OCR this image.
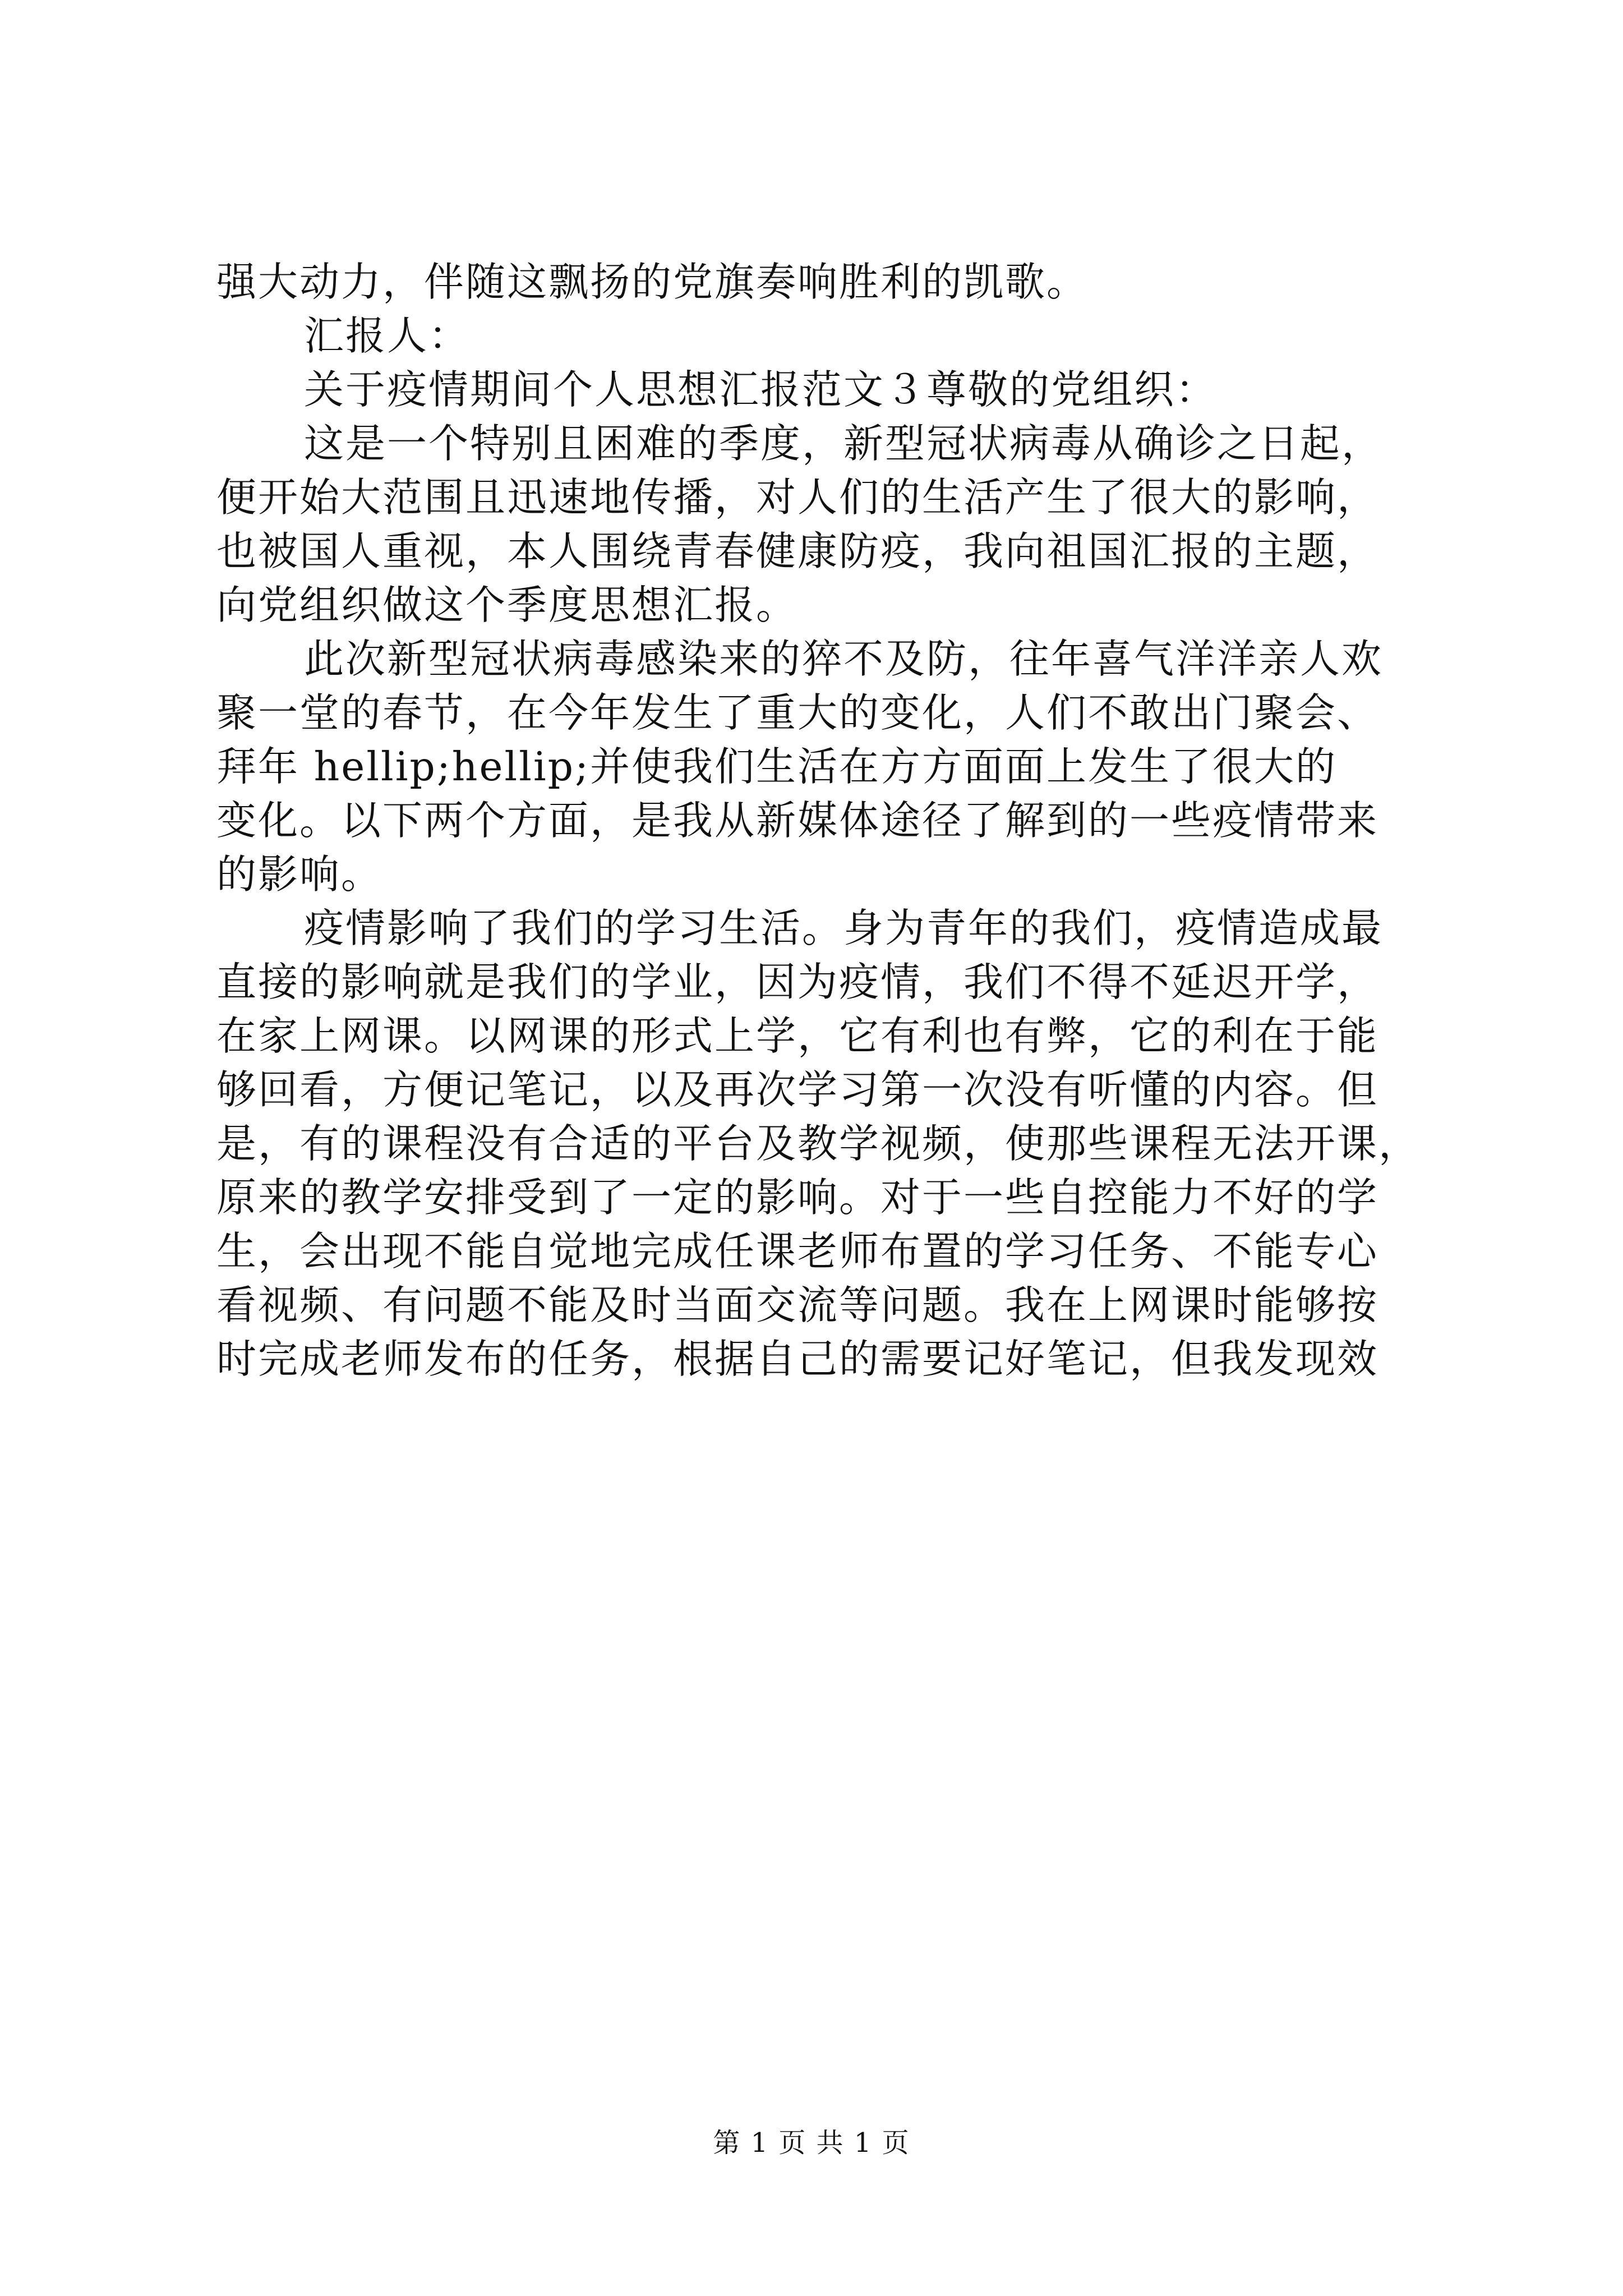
强大动力，伴随这飘扬的党旗奏响胜利的凯歌。
汇报人：
关于疫情期间个人思想汇报范文３尊敬的党组织：
这是一个特别且困难的季度，新型冠状病毒从确诊之日起，
便开始大范围且迅速地传播，对人们的生活产生了很大的影响，
也被国人重视，本人围绕青春健康防疫，我向祖国汇报的主题，
向党组织做这个季度思想汇报。
此次新型冠状病毒感染来的猝不及防，往年喜气洋洋亲人欢
聚一堂的春节，在今年发生了重大的变化，人们不敢出门聚会、
拜年 hellip;hellip;并使我们生活在方方面面上发生了很大的
变化。以下两个方面，是我从新媒体途径了解到的一些疫情带来
的影响。
疫情影响了我们的学习生活。身为青年的我们，疫情造成最
直接的影响就是我们的学业，因为疫情，我们不得不延迟开学，
在家上网课。以网课的形式上学，它有利也有弊，它的利在于能
够回看，方便记笔记，以及再次学习第一次没有听懂的内容。但
是，有的课程没有合适的平台及教学视频，使那些课程无法开课，
原来的教学安排受到了一定的影响。对于一些自控能力不好的学
生，会出现不能自觉地完成任课老师布置的学习任务、不能专心
看视频、有问题不能及时当面交流等问题。我在上网课时能够按
时完成老师发布的任务，根据自己的需要记好笔记，但我发现效
第 1 页 共 1 页
